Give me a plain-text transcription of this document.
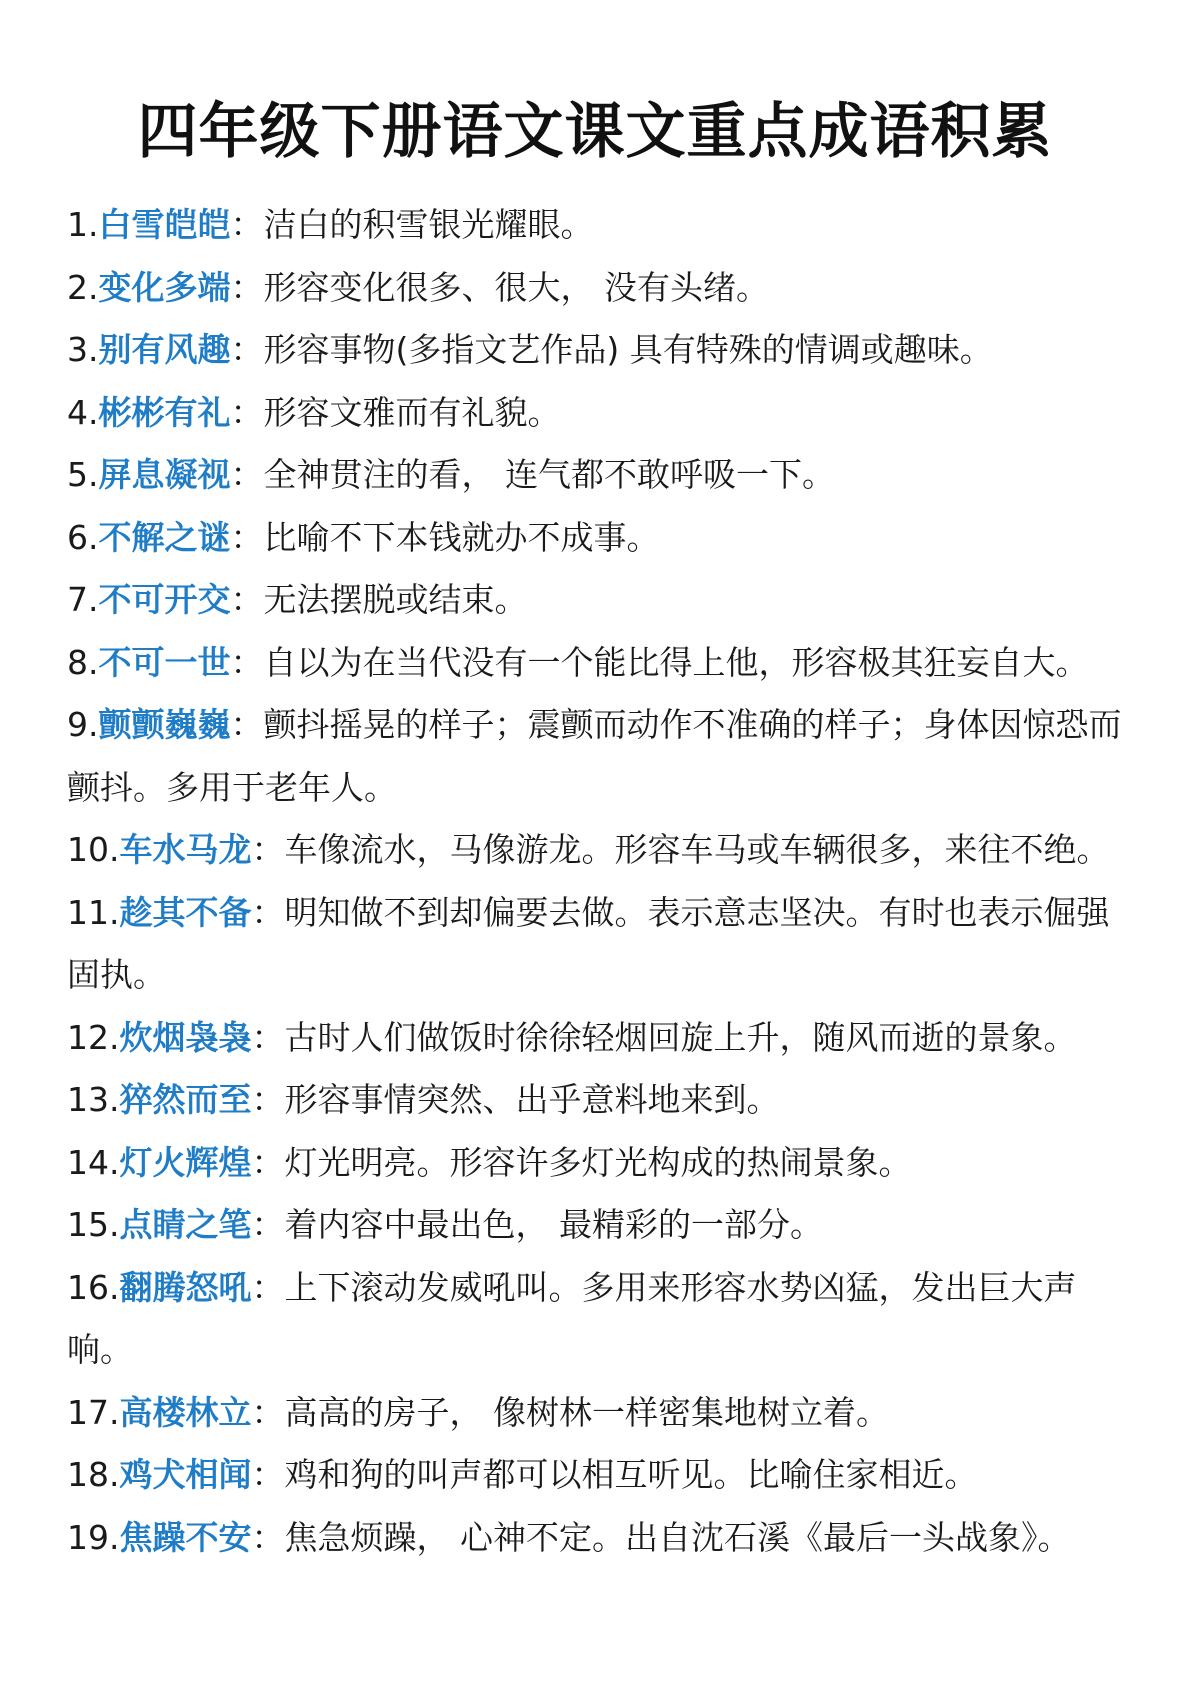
四年级下册语文课文重点成语积累
1.白雪皑皑：洁白的积雪银光耀眼。
2.变化多端：形容变化很多、很大， 没有头绪。
3.别有风趣：形容事物(多指文艺作品) 具有特殊的情调或趣味。
4.彬彬有礼：形容文雅而有礼貌。
5.屏息凝视：全神贯注的看， 连气都不敢呼吸一下。
6.不解之谜：比喻不下本钱就办不成事。
7.不可开交：无法摆脱或结束。
8.不可一世：自以为在当代没有一个能比得上他，形容极其狂妄自大。
9.颤颤巍巍：颤抖摇晃的样子；震颤而动作不准确的样子；身体因惊恐而颤抖。多用于老年人。
10.车水马龙：车像流水，马像游龙。形容车马或车辆很多，来往不绝。
11.趁其不备：明知做不到却偏要去做。表示意志坚决。有时也表示倔强固执。
12.炊烟袅袅：古时人们做饭时徐徐轻烟回旋上升，随风而逝的景象。
13.猝然而至：形容事情突然、出乎意料地来到。
14.灯火辉煌：灯光明亮。形容许多灯光构成的热闹景象。
15.点睛之笔：着内容中最出色， 最精彩的一部分。
16.翻腾怒吼：上下滚动发威吼叫。多用来形容水势凶猛，发出巨大声响。
17.高楼林立：高高的房子， 像树林一样密集地树立着。
18.鸡犬相闻：鸡和狗的叫声都可以相互听见。比喻住家相近。
19.焦躁不安：焦急烦躁， 心神不定。出自沈石溪《最后一头战象》。
